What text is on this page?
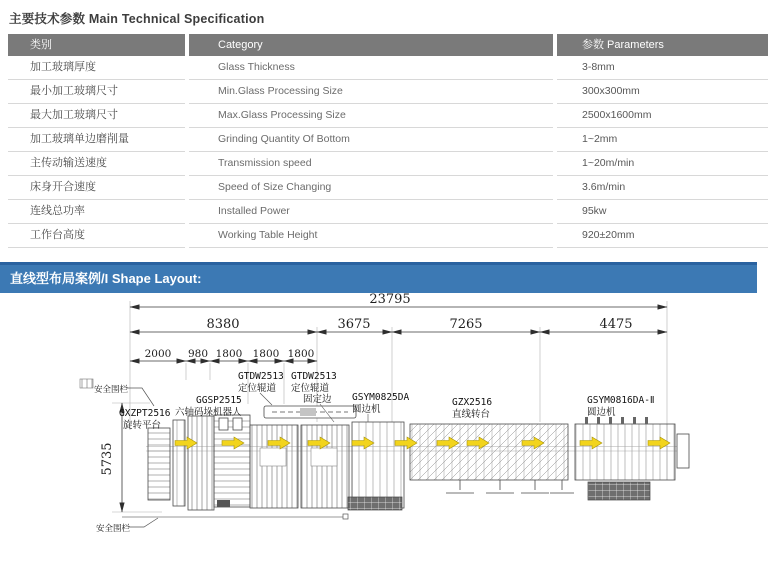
主要技术参数 Main Technical Specification
类别	Category	参数 Parameters
加工玻璃厚度	Glass Thickness	3-8mm
最小加工玻璃尺寸	Min.Glass Processing Size	300x300mm
最大加工玻璃尺寸	Max.Glass Processing Size	2500x1600mm
加工玻璃单边磨削量	Grinding Quantity Of Bottom	1~2mm
主传动输送速度	Transmission speed	1~20m/min
床身开合速度	Speed of Size Changing	3.6m/min
连线总功率	Installed Power	95kw
工作台高度	Working Table Height	920±20mm
直线型布局案例/I Shape Layout:
23795
8380	3675	7265	4475
2000 980 1800 1800 1800
5735
安全围栏
安全围栏
GTDW2513
定位辊道
GTDW2513
定位辊道
固定边
GGSP2515
六轴码垛机器人
GSYM0825DA
圆边机
GXZPT2516
旋转平台
GZX2516
直线转台
GSYM0816DA-Ⅱ
圆边机
